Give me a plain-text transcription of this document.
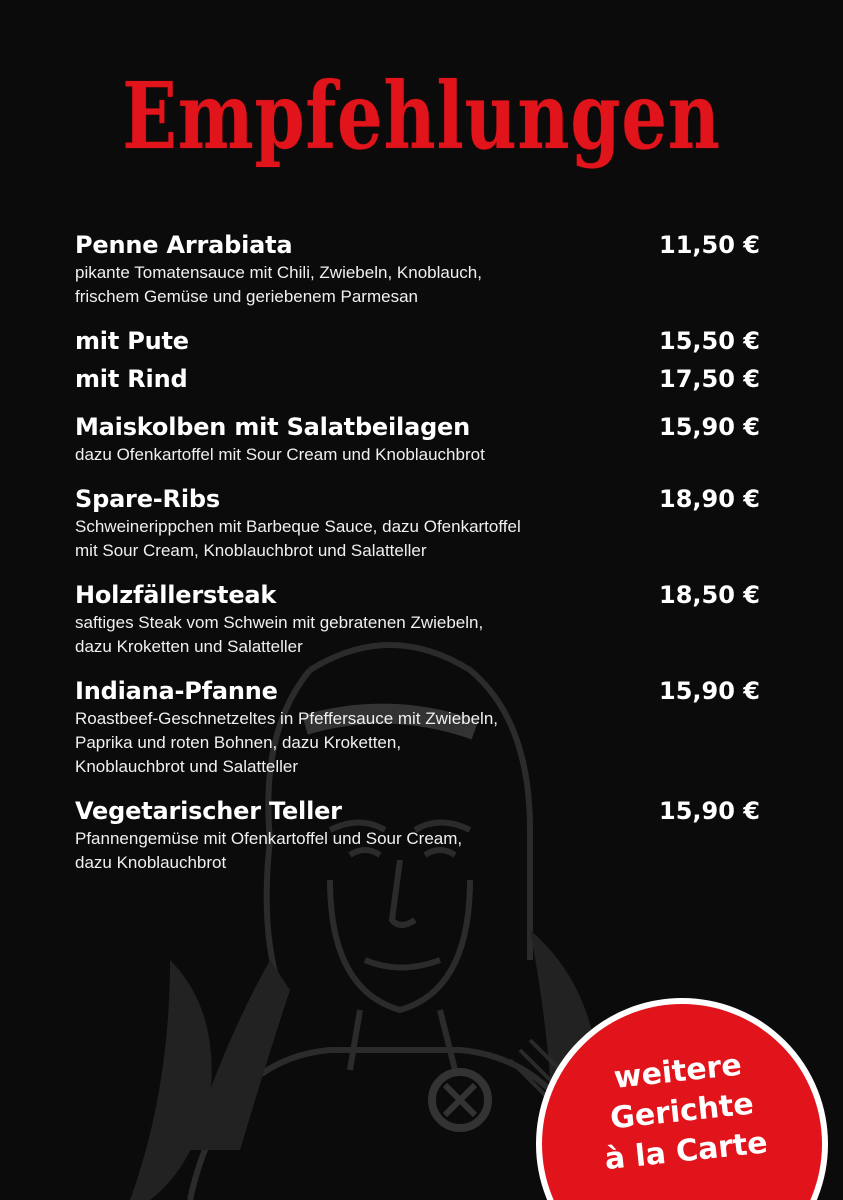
Empfehlungen
Penne Arrabiata	11,50 €
pikante Tomatensauce mit Chili, Zwiebeln, Knoblauch,
frischem Gemüse und geriebenem Parmesan
mit Pute	15,50 €
mit Rind	17,50 €
Maiskolben mit Salatbeilagen	15,90 €
dazu Ofenkartoffel mit Sour Cream und Knoblauchbrot
Spare-Ribs	18,90 €
Schweinerippchen mit Barbeque Sauce, dazu Ofenkartoffel
mit Sour Cream, Knoblauchbrot und Salatteller
Holzfällersteak	18,50 €
saftiges Steak vom Schwein mit gebratenen Zwiebeln,
dazu Kroketten und Salatteller
Indiana-Pfanne	15,90 €
Roastbeef-Geschnetzeltes in Pfeffersauce mit Zwiebeln,
Paprika und roten Bohnen, dazu Kroketten,
Knoblauchbrot und Salatteller
Vegetarischer Teller	15,90 €
Pfannengemüse mit Ofenkartoffel und Sour Cream,
dazu Knoblauchbrot
weitere
Gerichte
à la Carte
